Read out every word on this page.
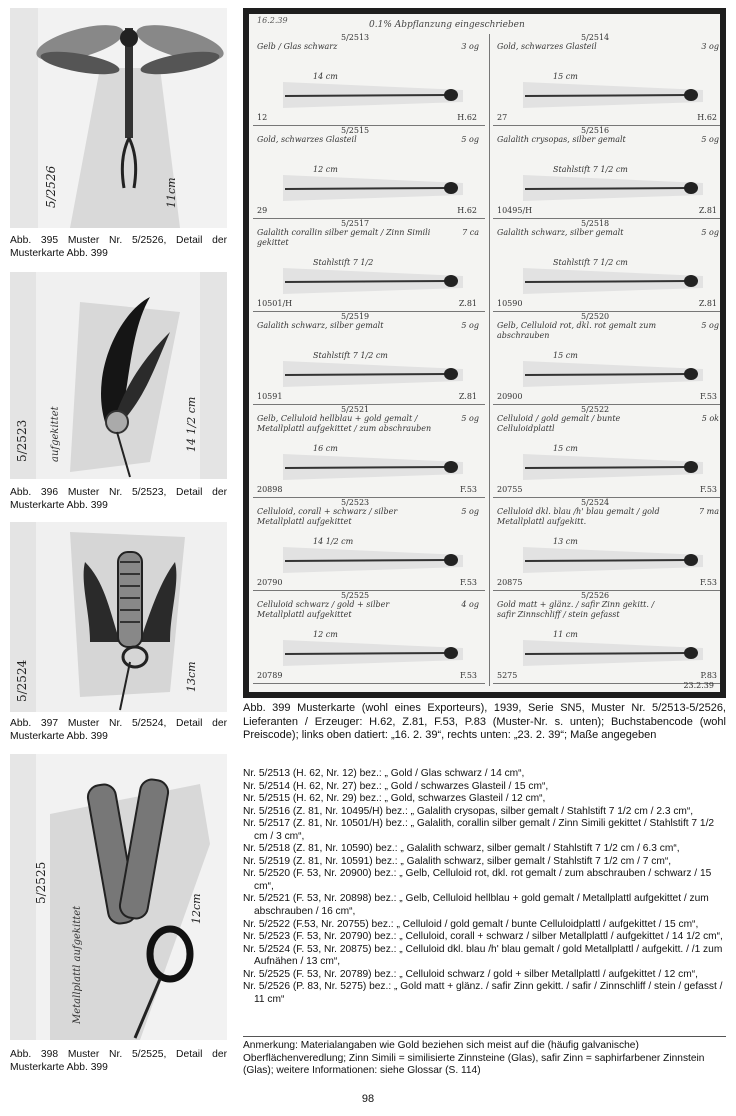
5/2526	11cm
Abb. 395 Muster Nr. 5/2526, Detail der Musterkarte Abb. 399
5/2523	14 1/2 cm
aufgekittet
Abb. 396 Muster Nr. 5/2523, Detail der Musterkarte Abb. 399
5/2524	13cm
Abb. 397 Muster Nr. 5/2524, Detail der Musterkarte Abb. 399
5/2525
12cm
Metallplattl aufgekittet
Abb. 398 Muster Nr. 5/2525, Detail der Musterkarte Abb. 399
16.2.39	0.1% Abpflanzung eingeschrieben
5/2513
Gelb / Glas schwarz	3 og
14 cm
12	H.62
5/2514
Gold, schwarzes Glasteil	3 og
15 cm
27	H.62
5/2515
Gold, schwarzes Glasteil	5 og
12 cm
29	H.62
5/2516
Galalith crysopas, silber gemalt	5 og
Stahlstift 7 1/2 cm
10495/H	Z.81
5/2517
Galalith corallin silber gemalt / Zinn Simili gekittet
7 ca
Stahlstift 7 1/2
10501/H	Z.81
5/2518
Galalith schwarz, silber gemalt	5 og
Stahlstift 7 1/2 cm
10590	Z.81
5/2519
Galalith schwarz, silber gemalt	5 og
Stahlstift 7 1/2 cm
10591	Z.81
5/2520
Gelb, Celluloid rot, dkl. rot gemalt zum abschrauben
5 og
15 cm
20900	F.53
5/2521
Gelb, Celluloid hellblau + gold gemalt / Metallplattl aufgekittet / zum abschrauben
5 og
16 cm
20898	F.53
5/2522
Celluloid / gold gemalt / bunte Celluloidplattl
5 ok
15 cm
20755	F.53
5/2523
Celluloid, corall + schwarz / silber Metallplattl aufgekittet
5 og
14 1/2 cm
20790	F.53
5/2524
Celluloid dkl. blau /h' blau gemalt / gold Metallplattl aufgekitt.
7 ma
13 cm
20875	F.53
5/2525
Celluloid schwarz / gold + silber Metallplattl aufgekittet
4 og
12 cm
20789	F.53
5/2526
Gold matt + glänz. / safir Zinn gekitt. / safir Zinnschliff / stein gefasst
11 cm
5275	P.83
23.2.39
Abb. 399 Musterkarte (wohl eines Exporteurs), 1939, Serie SN5, Muster Nr. 5/2513-5/2526, Lieferanten / Erzeuger: H.62, Z.81, F.53, P.83 (Muster-Nr. s. unten); Buchstabencode (wohl Preiscode); links oben datiert: „16. 2. 39“, rechts unten: „23. 2. 39“; Maße angegeben
Nr. 5/2513 (H. 62, Nr. 12) bez.: „ Gold / Glas schwarz / 14 cm“,
Nr. 5/2514 (H. 62, Nr. 27) bez.: „ Gold / schwarzes Glasteil / 15 cm“,
Nr. 5/2515 (H. 62, Nr. 29) bez.: „ Gold, schwarzes Glasteil / 12 cm“,
Nr. 5/2516 (Z. 81, Nr. 10495/H) bez.: „ Galalith crysopas, silber gemalt / Stahlstift 7 1/2 cm / 2.3 cm“,
Nr. 5/2517 (Z. 81, Nr. 10501/H) bez.: „ Galalith, corallin silber gemalt / Zinn Simili gekittet / Stahlstift 7 1/2 cm / 3 cm“,
Nr. 5/2518 (Z. 81, Nr. 10590) bez.: „ Galalith schwarz, silber gemalt / Stahlstift 7 1/2 cm / 6.3 cm“,
Nr. 5/2519 (Z. 81, Nr. 10591) bez.: „ Galalith schwarz, silber gemalt / Stahlstift 7 1/2 cm / 7 cm“,
Nr. 5/2520 (F. 53, Nr. 20900) bez.: „ Gelb, Celluloid rot, dkl. rot gemalt / zum abschrauben / schwarz / 15 cm“,
Nr. 5/2521 (F. 53, Nr. 20898) bez.: „ Gelb, Celluloid hellblau + gold gemalt / Metallplattl aufgekittet / zum abschrauben / 16 cm“,
Nr. 5/2522 (F.53, Nr. 20755) bez.: „ Celluloid / gold gemalt / bunte Celluloidplattl / aufgekittet / 15 cm“,
Nr. 5/2523 (F. 53, Nr. 20790) bez.: „ Celluloid, corall + schwarz / silber Metallplattl / aufgekittet / 14 1/2 cm“,
Nr. 5/2524 (F. 53, Nr. 20875) bez.: „ Celluloid dkl. blau /h' blau gemalt / gold Metallplattl / aufgekitt. / /1 zum Aufnähen / 13 cm“,
Nr. 5/2525 (F. 53, Nr. 20789) bez.: „ Celluloid schwarz / gold + silber Metallplattl / aufgekittet / 12 cm“,
Nr. 5/2526 (P. 83, Nr. 5275) bez.: „ Gold matt + glänz. / safir Zinn gekitt. / safir / Zinnschliff / stein / gefasst / 11 cm“
Anmerkung: Materialangaben wie Gold beziehen sich meist auf die (häufig galvanische) Oberflächenveredlung; Zinn Simili = similisierte Zinnsteine (Glas), safir Zinn = saphirfarbener Zinnstein (Glas); weitere Informationen: siehe Glossar (S. 114)
98
